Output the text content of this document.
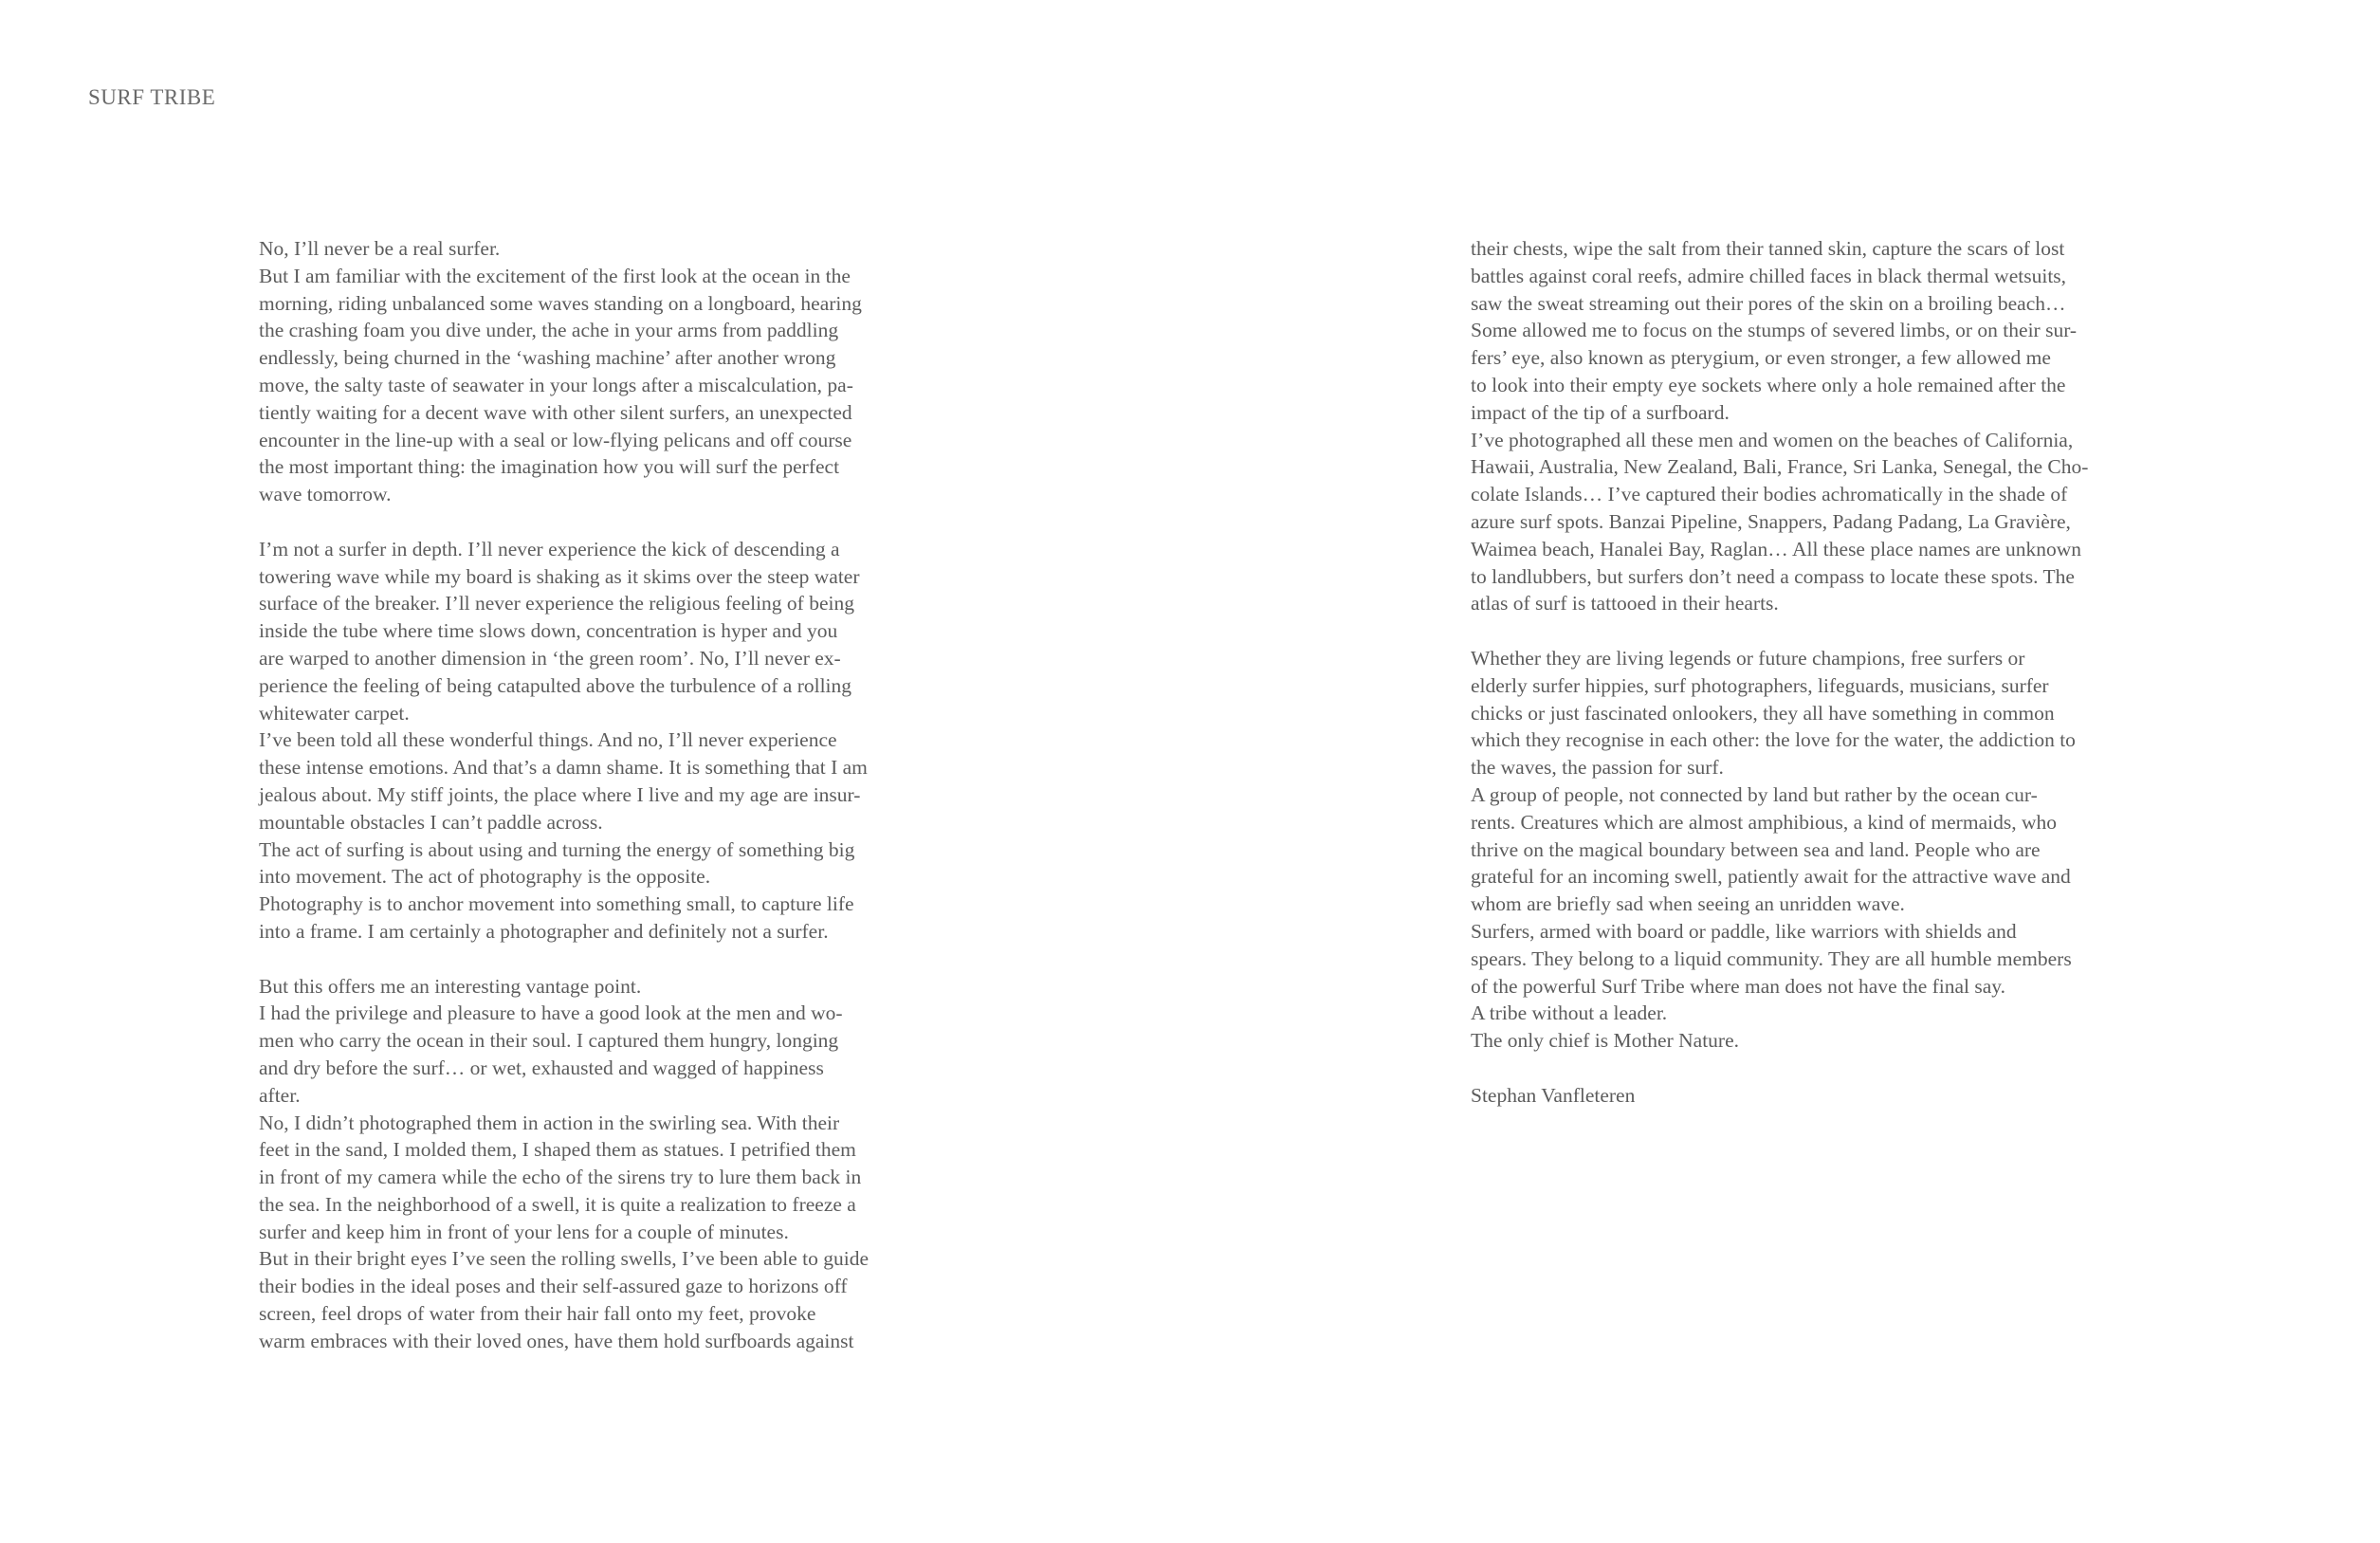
SURF TRIBE
No, I’ll never be a real surfer.
But I am familiar with the excitement of the first look at the ocean in the
morning, riding unbalanced some waves standing on a longboard, hearing
the crashing foam you dive under, the ache in your arms from paddling
endlessly, being churned in the ‘washing machine’ after another wrong
move, the salty taste of seawater in your longs after a miscalculation, pa-
tiently waiting for a decent wave with other silent surfers, an unexpected
encounter in the line-up with a seal or low-flying pelicans and off course
the most important thing: the imagination how you will surf the perfect
wave tomorrow.
I’m not a surfer in depth. I’ll never experience the kick of descending a
towering wave while my board is shaking as it skims over the steep water
surface of the breaker. I’ll never experience the religious feeling of being
inside the tube where time slows down, concentration is hyper and you
are warped to another dimension in ‘the green room’. No, I’ll never ex-
perience the feeling of being catapulted above the turbulence of a rolling
whitewater carpet.
I’ve been told all these wonderful things. And no, I’ll never experience
these intense emotions. And that’s a damn shame. It is something that I am
jealous about. My stiff joints, the place where I live and my age are insur-
mountable obstacles I can’t paddle across.
The act of surfing is about using and turning the energy of something big
into movement. The act of photography is the opposite.
Photography is to anchor movement into something small, to capture life
into a frame. I am certainly a photographer and definitely not a surfer.
But this offers me an interesting vantage point.
I had the privilege and pleasure to have a good look at the men and wo-
men who carry the ocean in their soul. I captured them hungry, longing
and dry before the surf… or wet, exhausted and wagged of happiness
after.
No, I didn’t photographed them in action in the swirling sea. With their
feet in the sand, I molded them, I shaped them as statues. I petrified them
in front of my camera while the echo of the sirens try to lure them back in
the sea. In the neighborhood of a swell, it is quite a realization to freeze a
surfer and keep him in front of your lens for a couple of minutes.
But in their bright eyes I’ve seen the rolling swells, I’ve been able to guide
their bodies in the ideal poses and their self-assured gaze to horizons off
screen, feel drops of water from their hair fall onto my feet, provoke
warm embraces with their loved ones, have them hold surfboards against
their chests, wipe the salt from their tanned skin, capture the scars of lost
battles against coral reefs, admire chilled faces in black thermal wetsuits,
saw the sweat streaming out their pores of the skin on a broiling beach…
Some allowed me to focus on the stumps of severed limbs, or on their sur-
fers’ eye, also known as pterygium, or even stronger, a few allowed me
to look into their empty eye sockets where only a hole remained after the
impact of the tip of a surfboard.
I’ve photographed all these men and women on the beaches of California,
Hawaii, Australia, New Zealand, Bali, France, Sri Lanka, Senegal, the Cho-
colate Islands… I’ve captured their bodies achromatically in the shade of
azure surf spots. Banzai Pipeline, Snappers, Padang Padang, La Gravière,
Waimea beach, Hanalei Bay, Raglan… All these place names are unknown
to landlubbers, but surfers don’t need a compass to locate these spots. The
atlas of surf is tattooed in their hearts.
Whether they are living legends or future champions, free surfers or
elderly surfer hippies, surf photographers, lifeguards, musicians, surfer
chicks or just fascinated onlookers, they all have something in common
which they recognise in each other: the love for the water, the addiction to
the waves, the passion for surf.
A group of people, not connected by land but rather by the ocean cur-
rents. Creatures which are almost amphibious, a kind of mermaids, who
thrive on the magical boundary between sea and land. People who are
grateful for an incoming swell, patiently await for the attractive wave and
whom are briefly sad when seeing an unridden wave.
Surfers, armed with board or paddle, like warriors with shields and
spears. They belong to a liquid community. They are all humble members
of the powerful Surf Tribe where man does not have the final say.
A tribe without a leader.
The only chief is Mother Nature.
Stephan Vanfleteren
